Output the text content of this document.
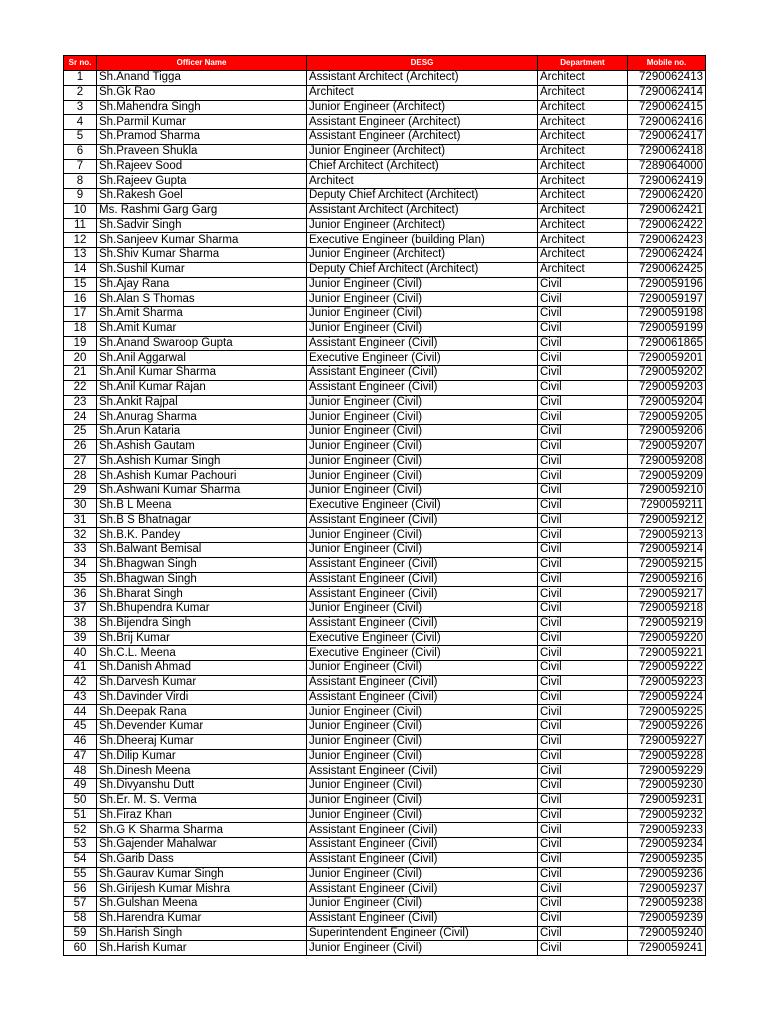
Sr no.	Officer Name	DESG	Department	Mobile no.
1	Sh.Anand Tigga	Assistant Architect (Architect)	Architect	7290062413
2	Sh.Gk Rao	Architect	Architect	7290062414
3	Sh.Mahendra Singh	Junior Engineer (Architect)	Architect	7290062415
4	Sh.Parmil Kumar	Assistant Engineer (Architect)	Architect	7290062416
5	Sh.Pramod Sharma	Assistant Engineer (Architect)	Architect	7290062417
6	Sh.Praveen Shukla	Junior Engineer (Architect)	Architect	7290062418
7	Sh.Rajeev Sood	Chief Architect (Architect)	Architect	7289064000
8	Sh.Rajeev Gupta	Architect	Architect	7290062419
9	Sh.Rakesh Goel	Deputy Chief Architect (Architect)	Architect	7290062420
10	Ms. Rashmi Garg Garg	Assistant Architect (Architect)	Architect	7290062421
11	Sh.Sadvir Singh	Junior Engineer (Architect)	Architect	7290062422
12	Sh.Sanjeev Kumar Sharma	Executive Engineer (building Plan)	Architect	7290062423
13	Sh.Shiv Kumar Sharma	Junior Engineer (Architect)	Architect	7290062424
14	Sh.Sushil Kumar	Deputy Chief Architect (Architect)	Architect	7290062425
15	Sh.Ajay Rana	Junior Engineer (Civil)	Civil	7290059196
16	Sh.Alan S Thomas	Junior Engineer (Civil)	Civil	7290059197
17	Sh.Amit Sharma	Junior Engineer (Civil)	Civil	7290059198
18	Sh.Amit Kumar	Junior Engineer (Civil)	Civil	7290059199
19	Sh.Anand Swaroop Gupta	Assistant Engineer (Civil)	Civil	7290061865
20	Sh.Anil Aggarwal	Executive Engineer (Civil)	Civil	7290059201
21	Sh.Anil Kumar Sharma	Assistant Engineer (Civil)	Civil	7290059202
22	Sh.Anil Kumar Rajan	Assistant Engineer (Civil)	Civil	7290059203
23	Sh.Ankit Rajpal	Junior Engineer (Civil)	Civil	7290059204
24	Sh.Anurag Sharma	Junior Engineer (Civil)	Civil	7290059205
25	Sh.Arun Kataria	Junior Engineer (Civil)	Civil	7290059206
26	Sh.Ashish Gautam	Junior Engineer (Civil)	Civil	7290059207
27	Sh.Ashish Kumar Singh	Junior Engineer (Civil)	Civil	7290059208
28	Sh.Ashish Kumar Pachouri	Junior Engineer (Civil)	Civil	7290059209
29	Sh.Ashwani Kumar Sharma	Junior Engineer (Civil)	Civil	7290059210
30	Sh.B L Meena	Executive Engineer (Civil)	Civil	7290059211
31	Sh.B S Bhatnagar	Assistant Engineer (Civil)	Civil	7290059212
32	Sh.B.K. Pandey	Junior Engineer (Civil)	Civil	7290059213
33	Sh.Balwant Bemisal	Junior Engineer (Civil)	Civil	7290059214
34	Sh.Bhagwan Singh	Assistant Engineer (Civil)	Civil	7290059215
35	Sh.Bhagwan Singh	Assistant Engineer (Civil)	Civil	7290059216
36	Sh.Bharat Singh	Assistant Engineer (Civil)	Civil	7290059217
37	Sh.Bhupendra Kumar	Junior Engineer (Civil)	Civil	7290059218
38	Sh.Bijendra Singh	Assistant Engineer (Civil)	Civil	7290059219
39	Sh.Brij Kumar	Executive Engineer (Civil)	Civil	7290059220
40	Sh.C.L. Meena	Executive Engineer (Civil)	Civil	7290059221
41	Sh.Danish Ahmad	Junior Engineer (Civil)	Civil	7290059222
42	Sh.Darvesh Kumar	Assistant Engineer (Civil)	Civil	7290059223
43	Sh.Davinder Virdi	Assistant Engineer (Civil)	Civil	7290059224
44	Sh.Deepak Rana	Junior Engineer (Civil)	Civil	7290059225
45	Sh.Devender Kumar	Junior Engineer (Civil)	Civil	7290059226
46	Sh.Dheeraj Kumar	Junior Engineer (Civil)	Civil	7290059227
47	Sh.Dilip Kumar	Junior Engineer (Civil)	Civil	7290059228
48	Sh.Dinesh Meena	Assistant Engineer (Civil)	Civil	7290059229
49	Sh.Divyanshu Dutt	Junior Engineer (Civil)	Civil	7290059230
50	Sh.Er. M. S. Verma	Junior Engineer (Civil)	Civil	7290059231
51	Sh.Firaz Khan	Junior Engineer (Civil)	Civil	7290059232
52	Sh.G K Sharma Sharma	Assistant Engineer (Civil)	Civil	7290059233
53	Sh.Gajender Mahalwar	Assistant Engineer (Civil)	Civil	7290059234
54	Sh.Garib Dass	Assistant Engineer (Civil)	Civil	7290059235
55	Sh.Gaurav Kumar Singh	Junior Engineer (Civil)	Civil	7290059236
56	Sh.Girijesh Kumar Mishra	Assistant Engineer (Civil)	Civil	7290059237
57	Sh.Gulshan Meena	Junior Engineer (Civil)	Civil	7290059238
58	Sh.Harendra Kumar	Assistant Engineer (Civil)	Civil	7290059239
59	Sh.Harish Singh	Superintendent Engineer (Civil)	Civil	7290059240
60	Sh.Harish Kumar	Junior Engineer (Civil)	Civil	7290059241
